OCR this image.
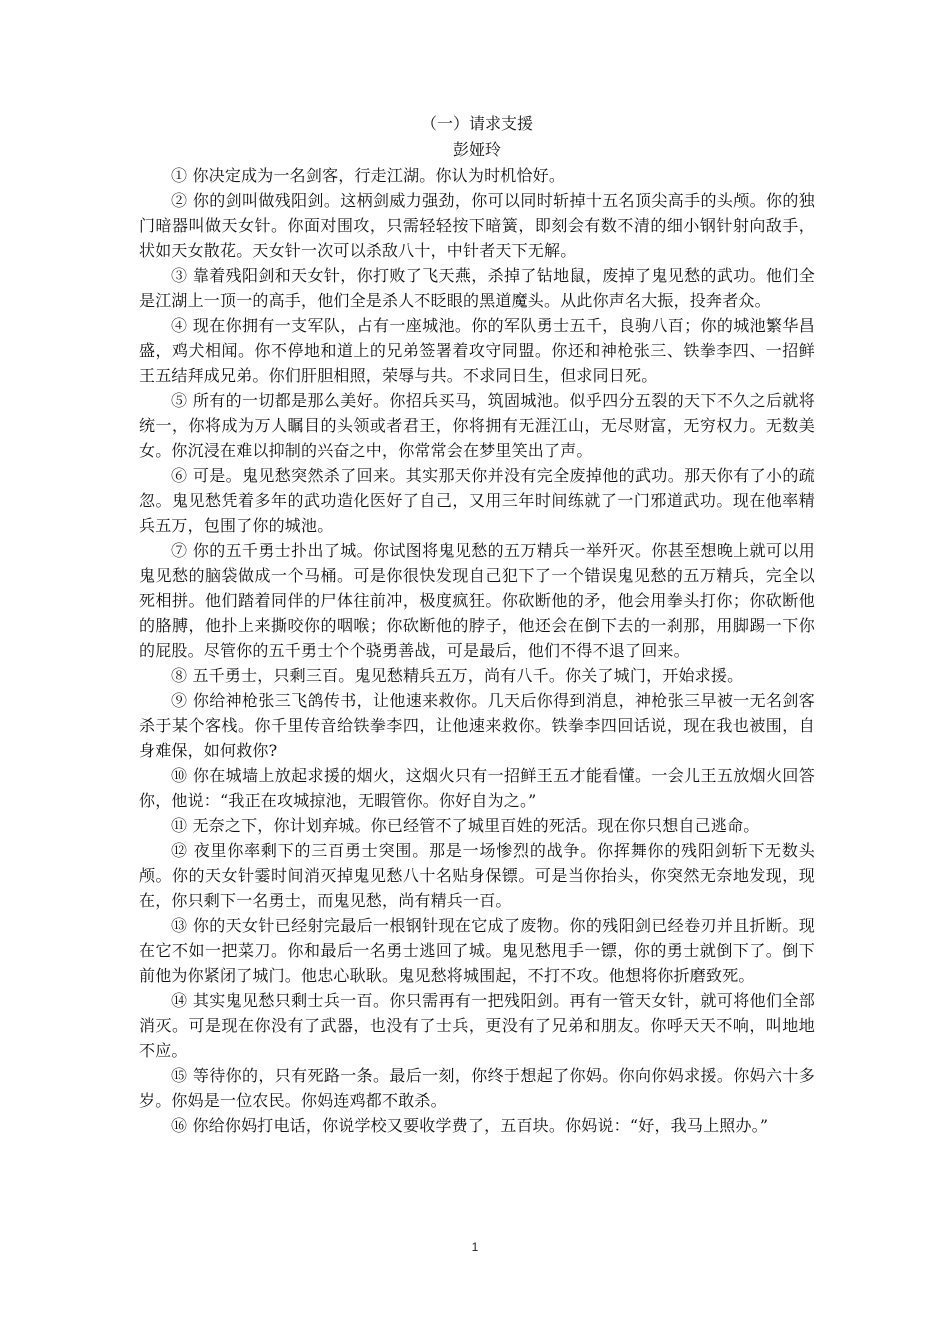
（一）请求支援

彭娅玲

① 你决定成为一名剑客，行走江湖。你认为时机恰好。

② 你的剑叫做残阳剑。这柄剑威力强劲，你可以同时斩掉十五名顶尖高手的头颅。你的独门暗器叫做天女针。你面对围攻，只需轻轻按下暗簧，即刻会有数不清的细小钢针射向敌手，状如天女散花。天女针一次可以杀敌八十，中针者天下无解。

③ 靠着残阳剑和天女针，你打败了飞天燕，杀掉了钻地鼠，废掉了鬼见愁的武功。他们全是江湖上一顶一的高手，他们全是杀人不眨眼的黑道魔头。从此你声名大振，投奔者众。

④ 现在你拥有一支军队，占有一座城池。你的军队勇士五千，良驹八百；你的城池繁华昌盛，鸡犬相闻。你不停地和道上的兄弟签署着攻守同盟。你还和神枪张三、铁拳李四、一招鲜王五结拜成兄弟。你们肝胆相照，荣辱与共。不求同日生，但求同日死。

⑤ 所有的一切都是那么美好。你招兵买马，筑固城池。似乎四分五裂的天下不久之后就将统一，你将成为万人瞩目的头领或者君王，你将拥有无涯江山，无尽财富，无穷权力。无数美女。你沉浸在难以抑制的兴奋之中，你常常会在梦里笑出了声。

⑥ 可是。鬼见愁突然杀了回来。其实那天你并没有完全废掉他的武功。那天你有了小的疏忽。鬼见愁凭着多年的武功造化医好了自己，又用三年时间练就了一门邪道武功。现在他率精兵五万，包围了你的城池。

⑦ 你的五千勇士扑出了城。你试图将鬼见愁的五万精兵一举歼灭。你甚至想晚上就可以用鬼见愁的脑袋做成一个马桶。可是你很快发现自己犯下了一个错误鬼见愁的五万精兵，完全以死相拼。他们踏着同伴的尸体往前冲，极度疯狂。你砍断他的矛，他会用拳头打你；你砍断他的胳膊，他扑上来撕咬你的咽喉；你砍断他的脖子，他还会在倒下去的一刹那，用脚踢一下你的屁股。尽管你的五千勇士个个骁勇善战，可是最后，他们不得不退了回来。

⑧ 五千勇士，只剩三百。鬼见愁精兵五万，尚有八千。你关了城门，开始求援。

⑨ 你给神枪张三飞鸽传书，让他速来救你。几天后你得到消息，神枪张三早被一无名剑客杀于某个客栈。你千里传音给铁拳李四，让他速来救你。铁拳李四回话说，现在我也被围，自身难保，如何救你?

⑩ 你在城墙上放起求援的烟火，这烟火只有一招鲜王五才能看懂。一会儿王五放烟火回答你，他说：“我正在攻城掠池，无暇管你。你好自为之。”

⑪ 无奈之下，你计划弃城。你已经管不了城里百姓的死活。现在你只想自己逃命。

⑫ 夜里你率剩下的三百勇士突围。那是一场惨烈的战争。你挥舞你的残阳剑斩下无数头颅。你的天女针霎时间消灭掉鬼见愁八十名贴身保镖。可是当你抬头，你突然无奈地发现，现在，你只剩下一名勇士，而鬼见愁，尚有精兵一百。

⑬ 你的天女针已经射完最后一根钢针现在它成了废物。你的残阳剑已经卷刃并且折断。现在它不如一把菜刀。你和最后一名勇士逃回了城。鬼见愁甩手一镖，你的勇士就倒下了。倒下前他为你紧闭了城门。他忠心耿耿。鬼见愁将城围起，不打不攻。他想将你折磨致死。

⑭ 其实鬼见愁只剩士兵一百。你只需再有一把残阳剑。再有一管天女针，就可将他们全部消灭。可是现在你没有了武器，也没有了士兵，更没有了兄弟和朋友。你呼天天不响，叫地地不应。

⑮ 等待你的，只有死路一条。最后一刻，你终于想起了你妈。你向你妈求援。你妈六十多岁。你妈是一位农民。你妈连鸡都不敢杀。

⑯ 你给你妈打电话，你说学校又要收学费了，五百块。你妈说：“好，我马上照办。”

1
